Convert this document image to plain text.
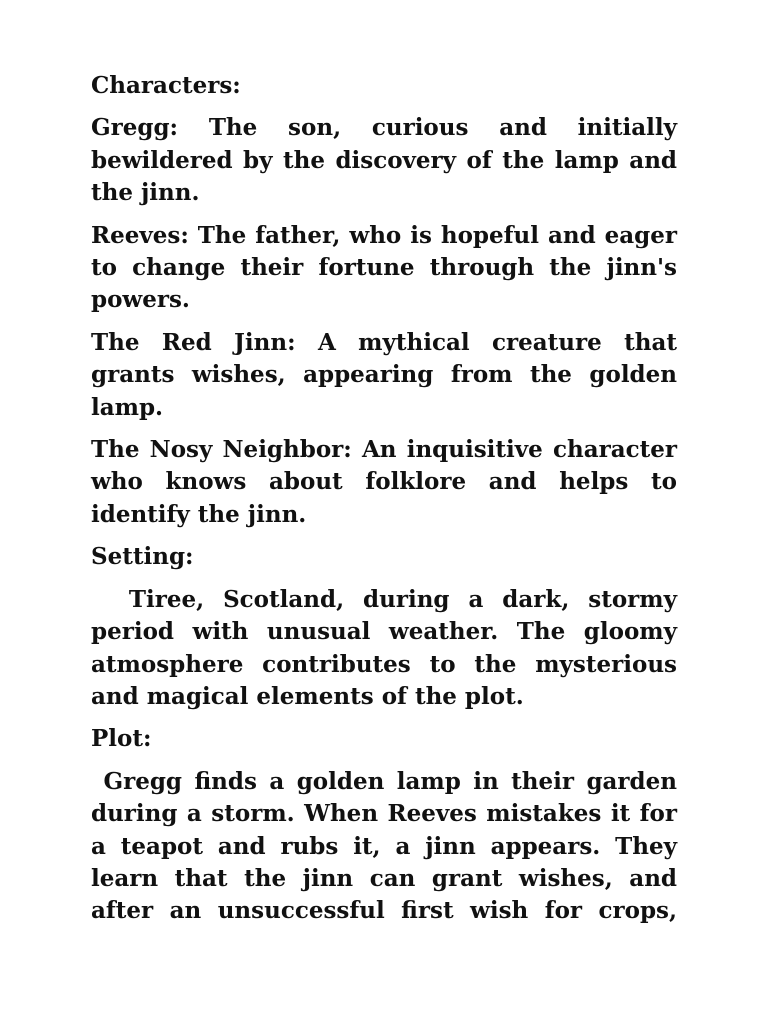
Characters:
Gregg: The son, curious and initially bewildered by the discovery of the lamp and the jinn.
Reeves: The father, who is hopeful and eager to change their fortune through the jinn's powers.
The Red Jinn: A mythical creature that grants wishes, appearing from the golden lamp.
The Nosy Neighbor: An inquisitive character who knows about folklore and helps to identify the jinn.
Setting:
Tiree, Scotland, during a dark, stormy period with unusual weather. The gloomy atmosphere contributes to the mysterious and magical elements of the plot.
Plot:
Gregg finds a golden lamp in their garden during a storm. When Reeves mistakes it for a teapot and rubs it, a jinn appears. They learn that the jinn can grant wishes, and after an unsuccessful first wish for crops,
